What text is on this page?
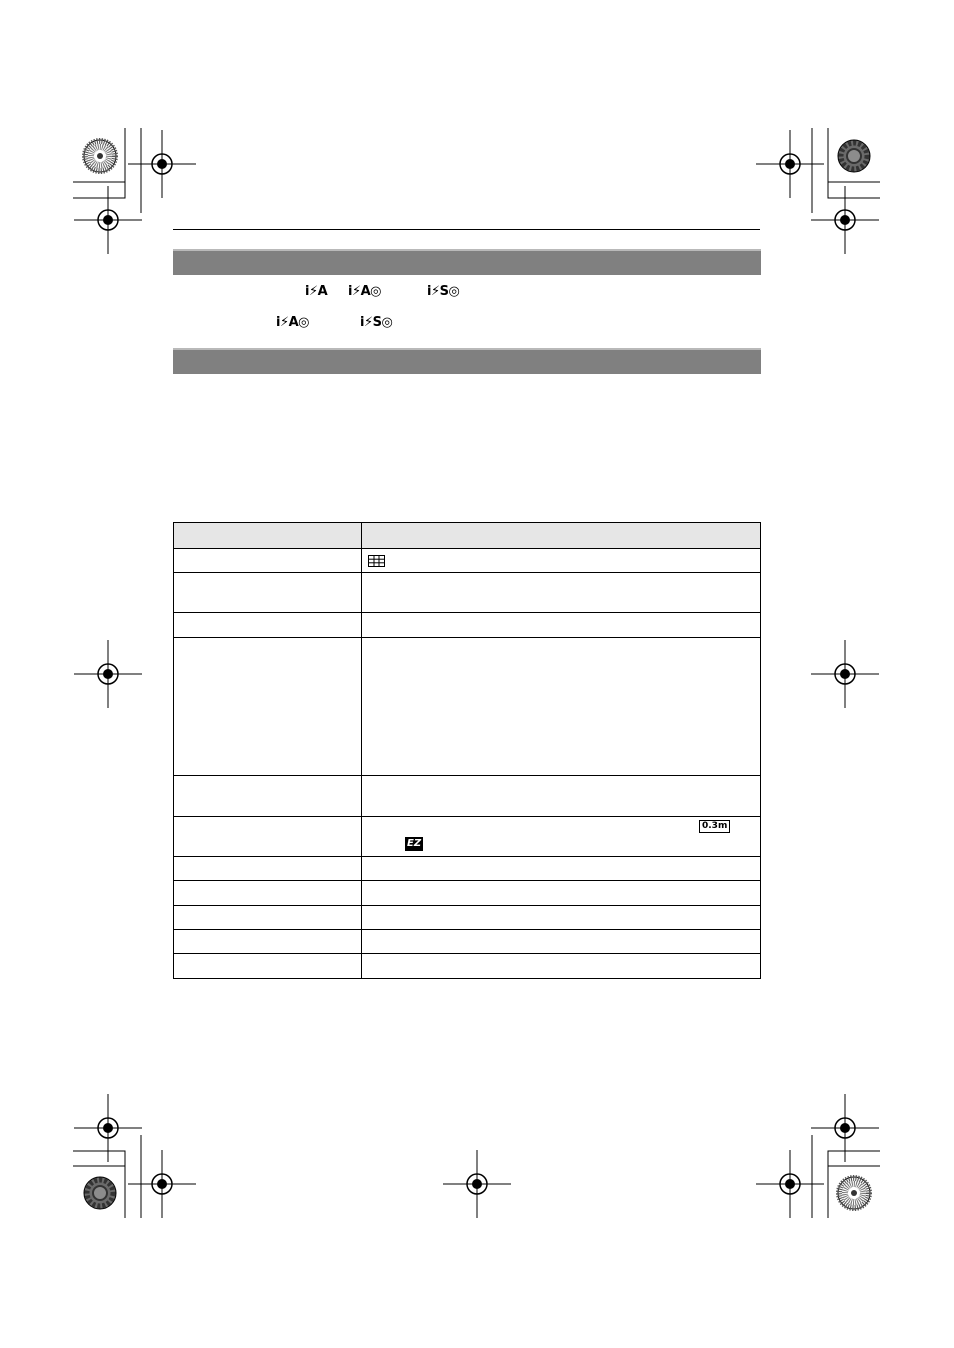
i⚡A i⚡A◎	i⚡S◎
i⚡A◎	i⚡S◎

0.3m
EZ
